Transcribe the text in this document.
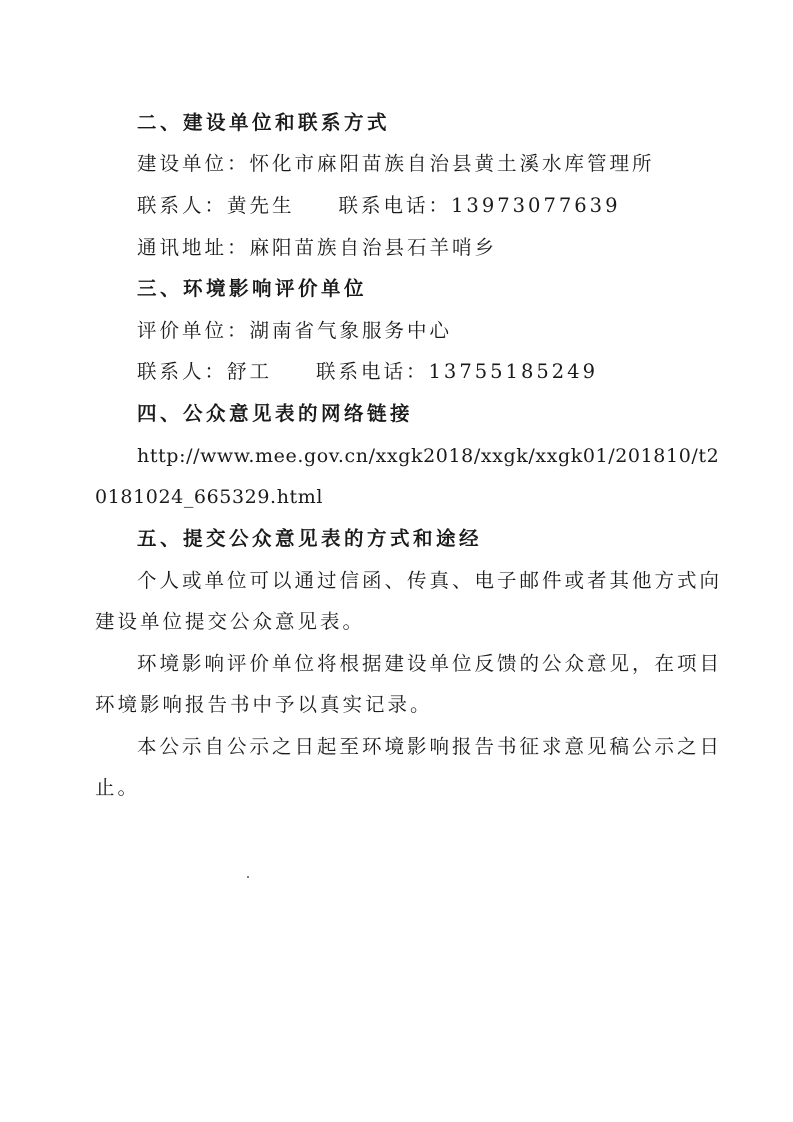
二、建设单位和联系方式
建设单位：怀化市麻阳苗族自治县黄土溪水库管理所
联系人：黄先生 联系电话：13973077639
通讯地址：麻阳苗族自治县石羊哨乡
三、环境影响评价单位
评价单位：湖南省气象服务中心
联系人：舒工 联系电话：13755185249
四、公众意见表的网络链接
http://www.mee.gov.cn/xxgk2018/xxgk/xxgk01/201810/t2
0181024_665329.html
五、提交公众意见表的方式和途经
个人或单位可以通过信函、传真、电子邮件或者其他方式向
建设单位提交公众意见表。
环境影响评价单位将根据建设单位反馈的公众意见，在项目
环境影响报告书中予以真实记录。
本公示自公示之日起至环境影响报告书征求意见稿公示之日
止。
